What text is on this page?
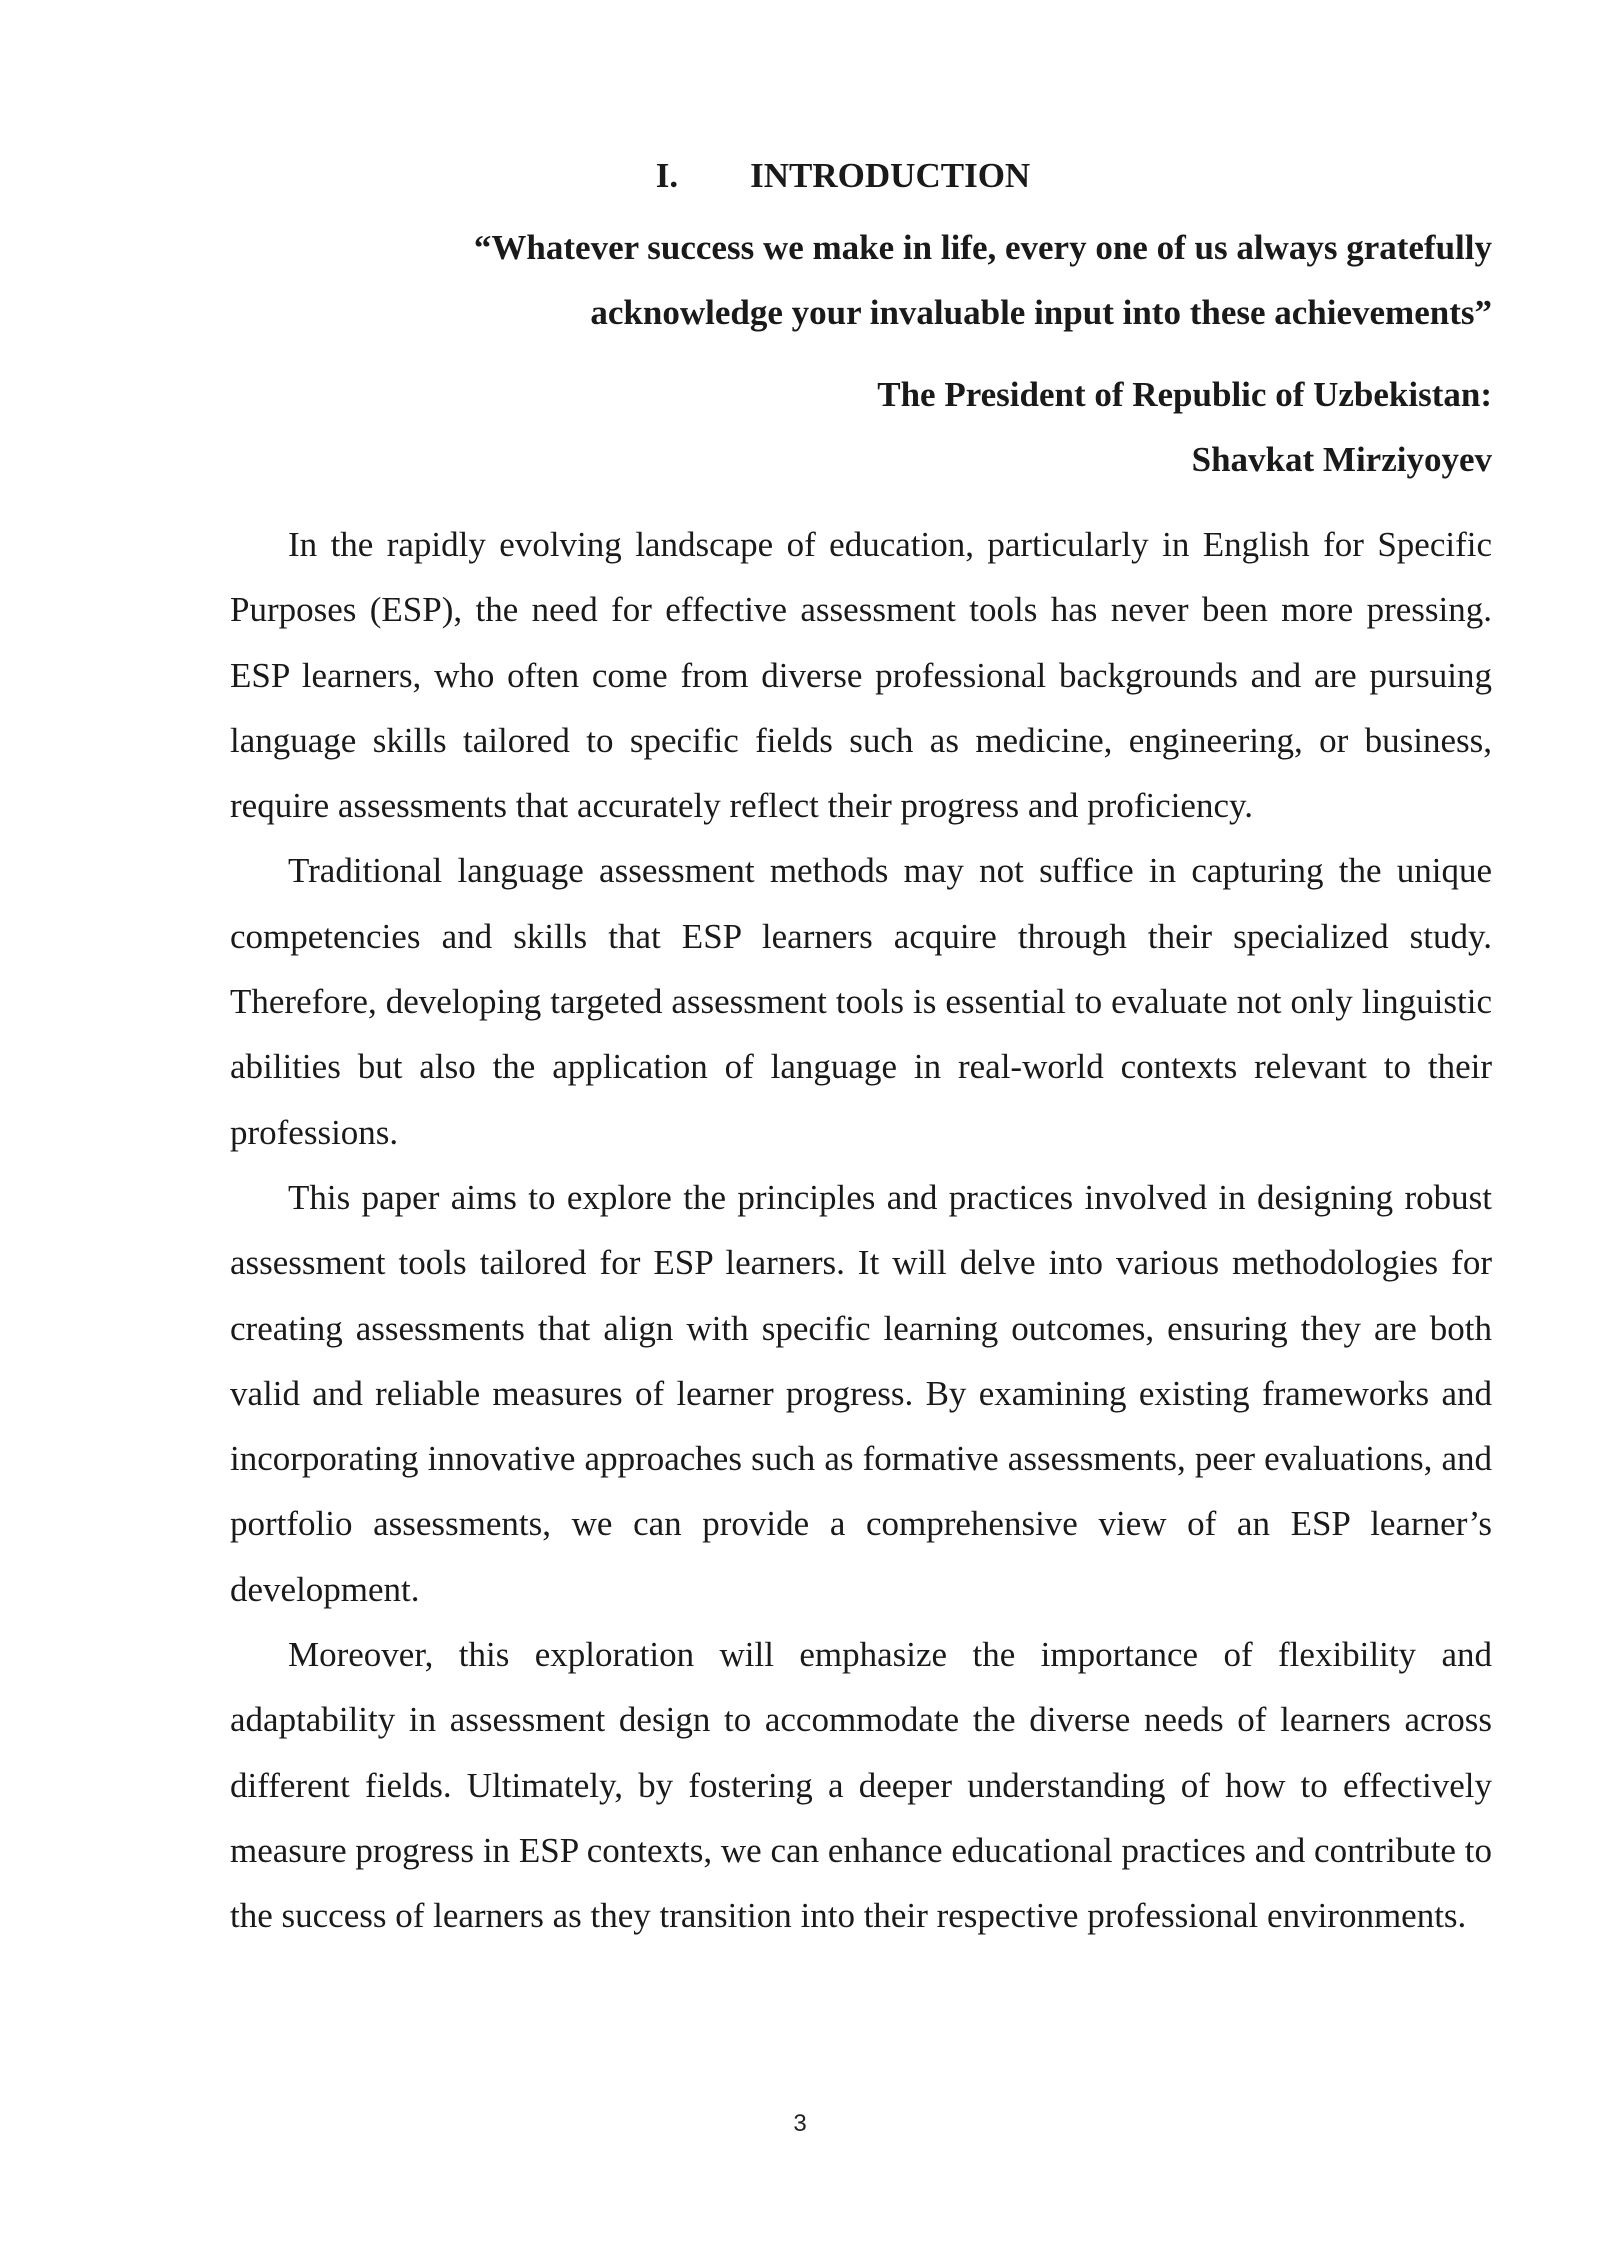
I. INTRODUCTION
“Whatever success we make in life, every one of us always gratefully
acknowledge your invaluable input into these achievements”
The President of Republic of Uzbekistan:
Shavkat Mirziyoyev

In the rapidly evolving landscape of education, particularly in English for Specific Purposes (ESP), the need for effective assessment tools has never been more pressing. ESP learners, who often come from diverse professional backgrounds and are pursuing language skills tailored to specific fields such as medicine, engineering, or business, require assessments that accurately reflect their progress and proficiency.

Traditional language assessment methods may not suffice in capturing the unique competencies and skills that ESP learners acquire through their specialized study. Therefore, developing targeted assessment tools is essential to evaluate not only linguistic abilities but also the application of language in real-world contexts relevant to their professions.

This paper aims to explore the principles and practices involved in designing robust assessment tools tailored for ESP learners. It will delve into various methodologies for creating assessments that align with specific learning outcomes, ensuring they are both valid and reliable measures of learner progress. By examining existing frameworks and incorporating innovative approaches such as formative assessments, peer evaluations, and portfolio assessments, we can provide a comprehensive view of an ESP learner’s development.

Moreover, this exploration will emphasize the importance of flexibility and adaptability in assessment design to accommodate the diverse needs of learners across different fields. Ultimately, by fostering a deeper understanding of how to effectively measure progress in ESP contexts, we can enhance educational practices and contribute to the success of learners as they transition into their respective professional environments.

3
